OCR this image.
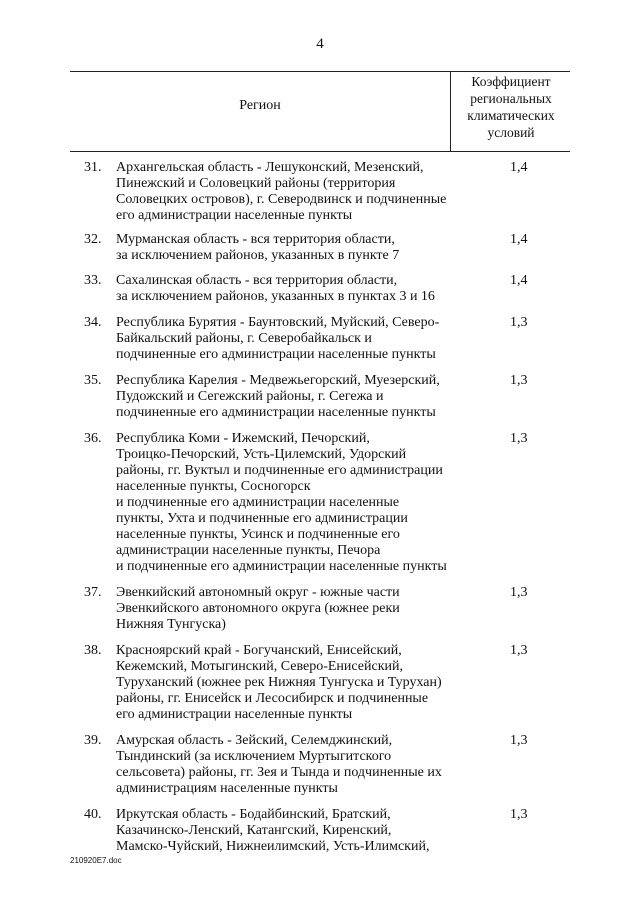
4
Регион
Коэффициент
региональных
климатических
условий
31. Архангельская область - Лешуконский, Мезенский,
Пинежский и Соловецкий районы (территория
Соловецких островов), г. Северодвинск и подчиненные
его администрации населенные пункты
1,4
32. Мурманская область - вся территория области,
за исключением районов, указанных в пункте 7
1,4
33. Сахалинская область - вся территория области,
за исключением районов, указанных в пунктах 3 и 16
1,4
34. Республика Бурятия - Баунтовский, Муйский, Северо-
Байкальский районы, г. Северобайкальск и
подчиненные его администрации населенные пункты
1,3
35. Республика Карелия - Медвежьегорский, Муезерский,
Пудожский и Сегежский районы, г. Сегежа и
подчиненные его администрации населенные пункты
1,3
36. Республика Коми - Ижемский, Печорский,
Троицко-Печорский, Усть-Цилемский, Удорский
районы, гг. Вуктыл и подчиненные его администрации
населенные пункты, Сосногорск
и подчиненные его администрации населенные
пункты, Ухта и подчиненные его администрации
населенные пункты, Усинск и подчиненные его
администрации населенные пункты, Печора
и подчиненные его администрации населенные пункты
1,3
37. Эвенкийский автономный округ - южные части
Эвенкийского автономного округа (южнее реки
Нижняя Тунгуска)
1,3
38. Красноярский край - Богучанский, Енисейский,
Кежемский, Мотыгинский, Северо-Енисейский,
Туруханский (южнее рек Нижняя Тунгуска и Турухан)
районы, гг. Енисейск и Лесосибирск и подчиненные
его администрации населенные пункты
1,3
39. Амурская область - Зейский, Селемджинский,
Тындинский (за исключением Муртыгитского
сельсовета) районы, гг. Зея и Тында и подчиненные их
администрациям населенные пункты
1,3
40. Иркутская область - Бодайбинский, Братский,
Казачинско-Ленский, Катангский, Киренский,
Мамско-Чуйский, Нижнеилимский, Усть-Илимский,
1,3
210920E7.doc
